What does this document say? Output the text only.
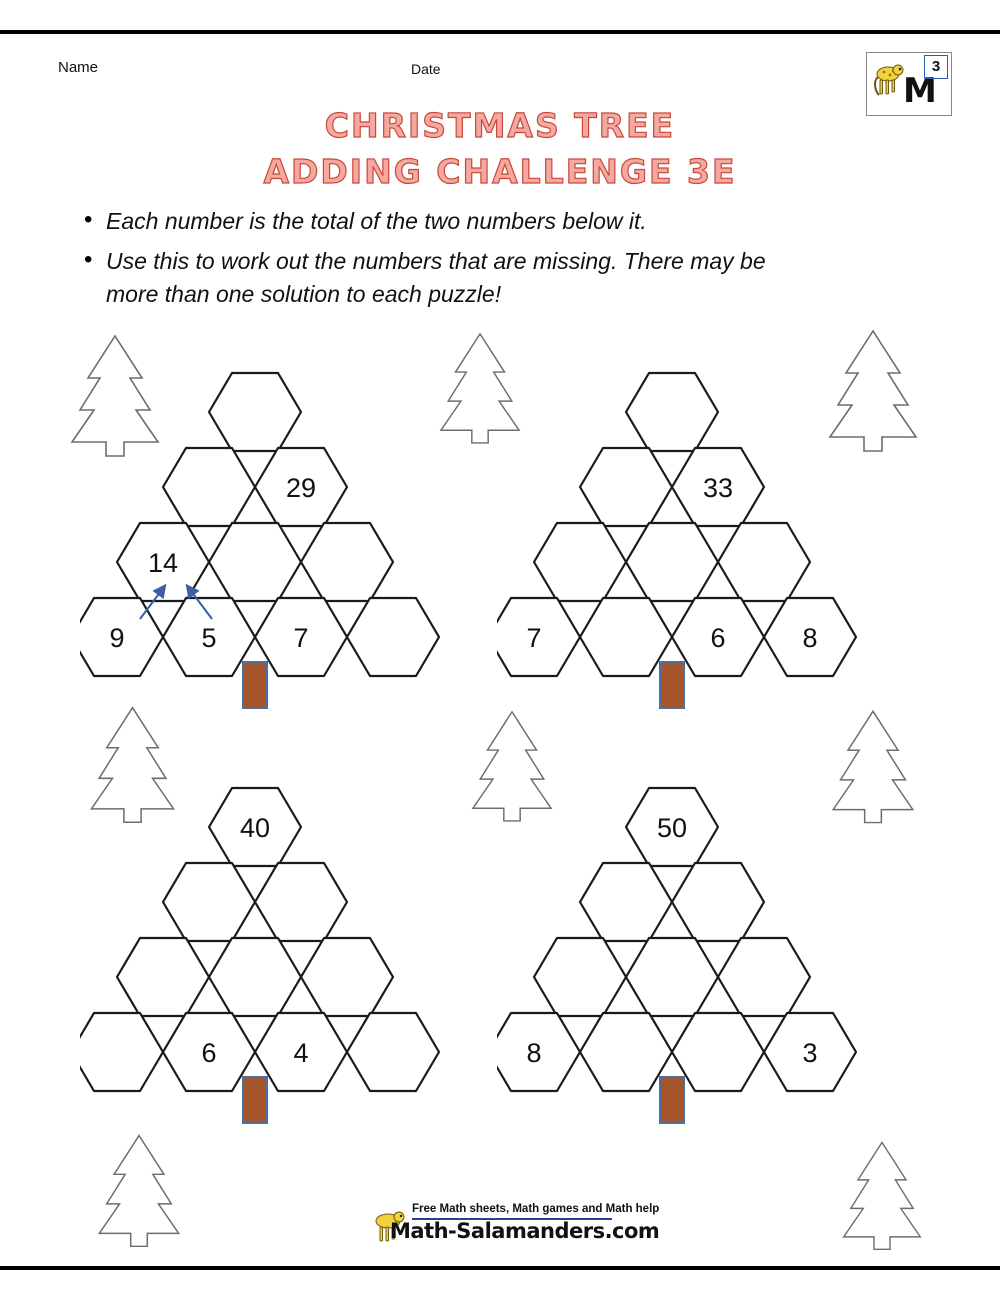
Name	Date
M
3
CHRISTMAS TREE
ADDING CHALLENGE 3E
• Each number is the total of the two numbers below it.
• Use this to work out the numbers that are missing. There may be
more than one solution to each puzzle!
29
14
9	5	7
33
7	6	8
40
6	4
50
8	3
Free Math sheets, Math games and Math help
Math-Salamanders.com
